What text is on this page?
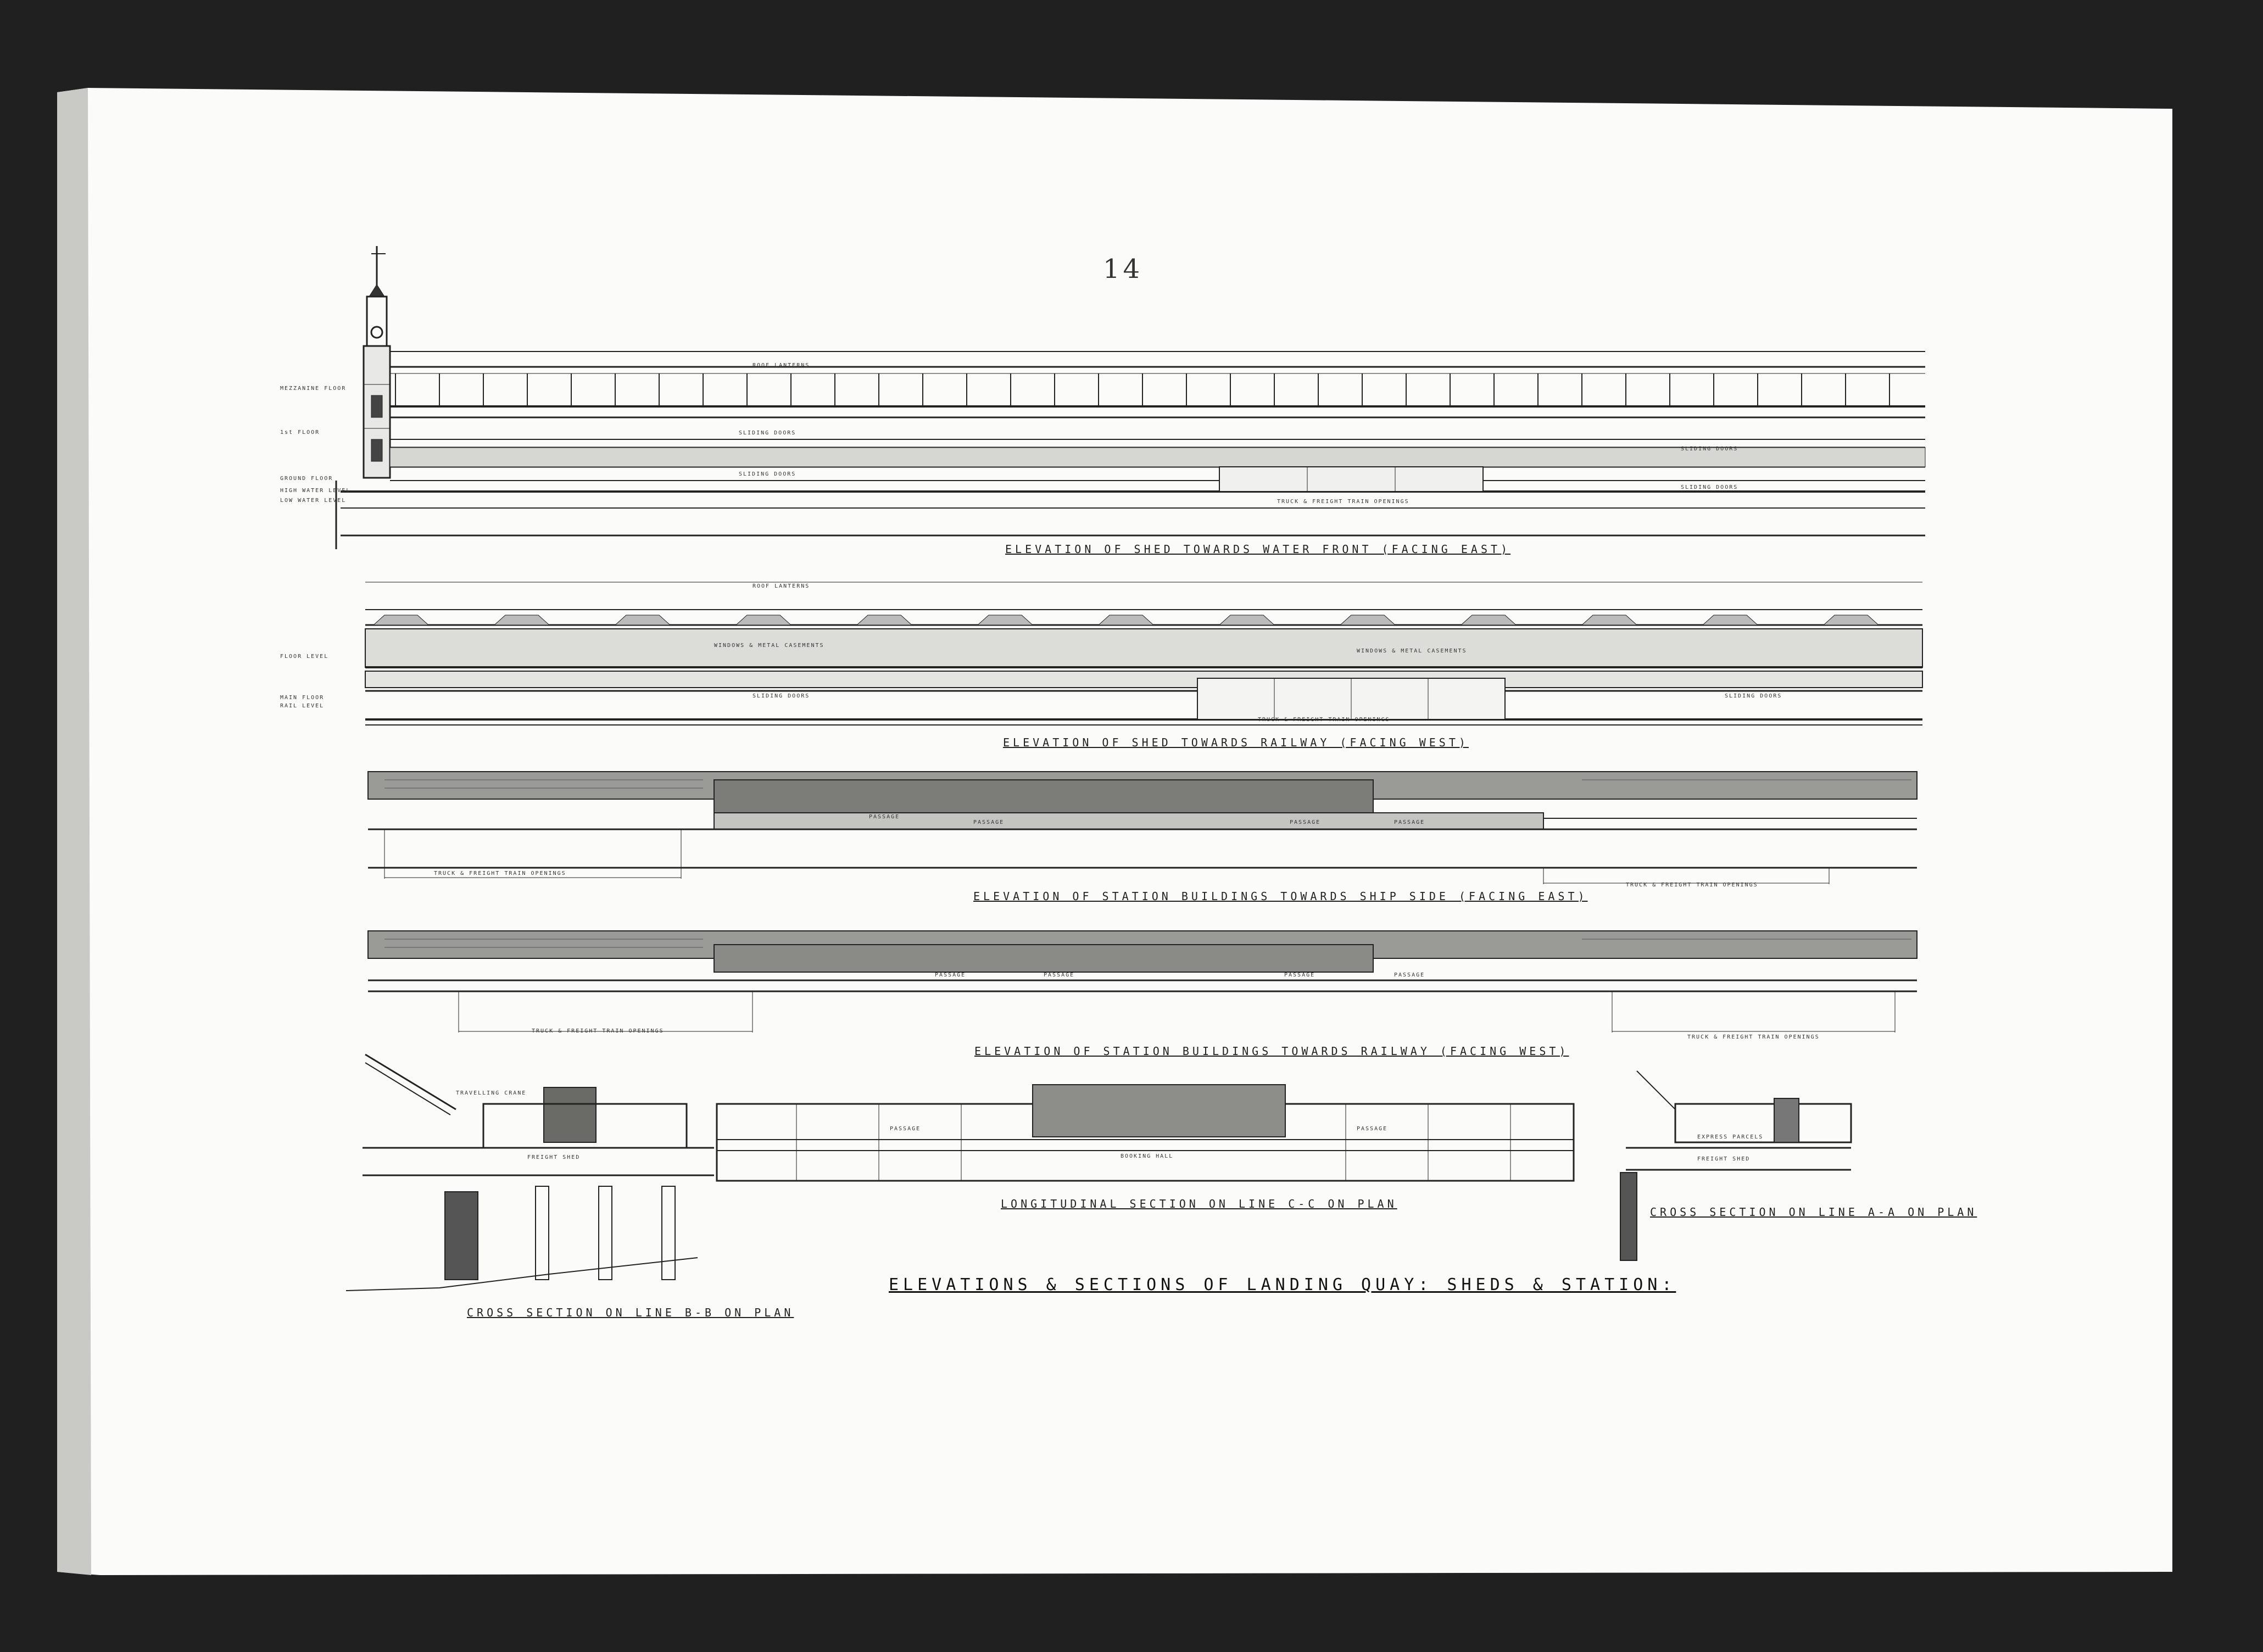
14
ELEVATIONS & SECTIONS OF LANDING QUAY: SHEDS & STATION:
ELEVATION OF SHED TOWARDS WATER FRONT (FACING EAST)
ROOF LANTERNS
SLIDING DOORS
SLIDING DOORS
TRUCK & FREIGHT TRAIN OPENINGS
SLIDING DOORS
SLIDING DOORS
MEZZANINE FLOOR
1st FLOOR
GROUND FLOOR
HIGH WATER LEVEL
LOW WATER LEVEL
ELEVATION OF SHED TOWARDS RAILWAY (FACING WEST)
ROOF LANTERNS
WINDOWS & METAL CASEMENTS
WINDOWS & METAL CASEMENTS
SLIDING DOORS
TRUCK & FREIGHT TRAIN OPENINGS
SLIDING DOORS
FLOOR LEVEL
MAIN FLOOR
RAIL LEVEL
ELEVATION OF STATION BUILDINGS TOWARDS SHIP SIDE (FACING EAST)
TRUCK & FREIGHT TRAIN OPENINGS
TRUCK & FREIGHT TRAIN OPENINGS
PASSAGE
PASSAGE	PASSAGE	PASSAGE
ELEVATION OF STATION BUILDINGS TOWARDS RAILWAY (FACING WEST)
TRUCK & FREIGHT TRAIN OPENINGS
TRUCK & FREIGHT TRAIN OPENINGS
PASSAGE	PASSAGE	PASSAGE	PASSAGE
CROSS SECTION ON LINE B-B ON PLAN
FREIGHT SHED
TRAVELLING CRANE
LONGITUDINAL SECTION ON LINE C-C ON PLAN
BOOKING HALL
PASSAGE	PASSAGE
CROSS SECTION ON LINE A-A ON PLAN
FREIGHT SHED
EXPRESS PARCELS
